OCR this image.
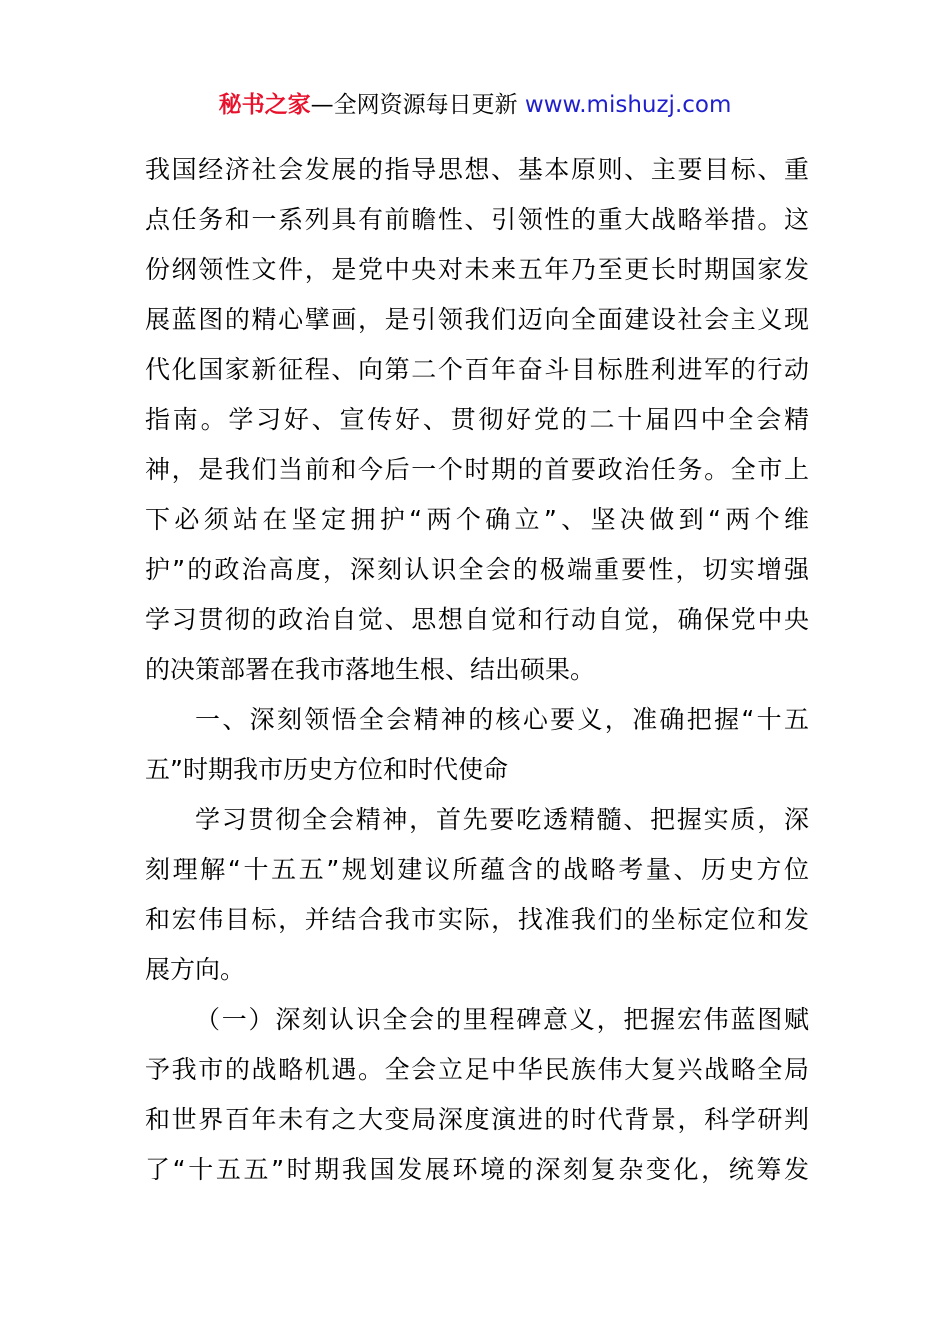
秘书之家—全网资源每日更新 www.mishuzj.com

我国经济社会发展的指导思想、基本原则、主要目标、重
点任务和一系列具有前瞻性、引领性的重大战略举措。这
份纲领性文件，是党中央对未来五年乃至更长时期国家发
展蓝图的精心擘画，是引领我们迈向全面建设社会主义现
代化国家新征程、向第二个百年奋斗目标胜利进军的行动
指南。学习好、宣传好、贯彻好党的二十届四中全会精
神，是我们当前和今后一个时期的首要政治任务。全市上
下必须站在坚定拥护“两个确立”、坚决做到“两个维
护”的政治高度，深刻认识全会的极端重要性，切实增强
学习贯彻的政治自觉、思想自觉和行动自觉，确保党中央
的决策部署在我市落地生根、结出硕果。

一、深刻领悟全会精神的核心要义，准确把握“十五
五”时期我市历史方位和时代使命

学习贯彻全会精神，首先要吃透精髓、把握实质，深
刻理解“十五五”规划建议所蕴含的战略考量、历史方位
和宏伟目标，并结合我市实际，找准我们的坐标定位和发
展方向。

（一）深刻认识全会的里程碑意义，把握宏伟蓝图赋
予我市的战略机遇。全会立足中华民族伟大复兴战略全局
和世界百年未有之大变局深度演进的时代背景，科学研判
了“十五五”时期我国发展环境的深刻复杂变化，统筹发
